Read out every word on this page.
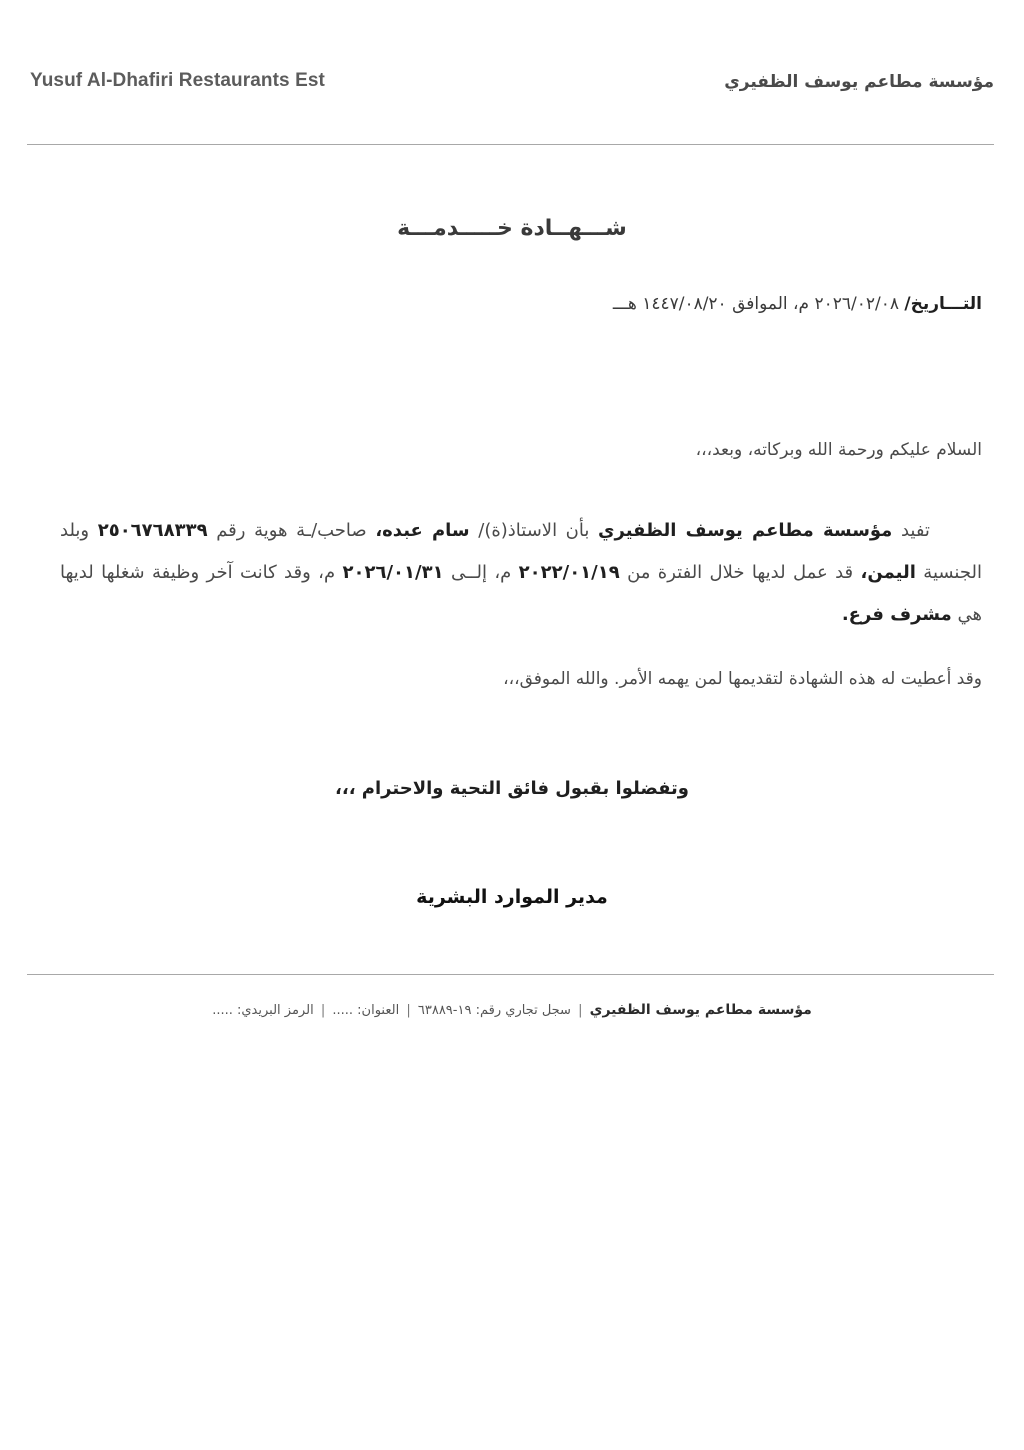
Yusuf Al-Dhafiri Restaurants Est	مؤسسة مطاعم يوسف الظفيري
شـــهــادة خـــــدمـــة
التـــاريخ/ ٢٠٢٦/٠٢/٠٨ م، الموافق ١٤٤٧/٠٨/٢٠ هـــ
السلام عليكم ورحمة الله وبركاته، وبعد،،،
تفيد مؤسسة مطاعم يوسف الظفيري بأن الاستاذ(ة)/ سام عبده، صاحب/ـة هوية رقم ٢٥٠٦٧٦٨٣٣٩ وبلد الجنسية اليمن، قد عمل لديها خلال الفترة من ٢٠٢٢/٠١/١٩ م، إلــى ٢٠٢٦/٠١/٣١ م، وقد كانت آخر وظيفة شغلها لديها هي مشرف فرع.
وقد أعطيت له هذه الشهادة لتقديمها لمن يهمه الأمر. والله الموفق،،،
وتفضلوا بقبول فائق التحية والاحترام ،،،
مدير الموارد البشرية
مؤسسة مطاعم يوسف الظفيري | سجل تجاري رقم: ١٩-٦٣٨٨٩ | العنوان: ..... | الرمز البريدي: .....
